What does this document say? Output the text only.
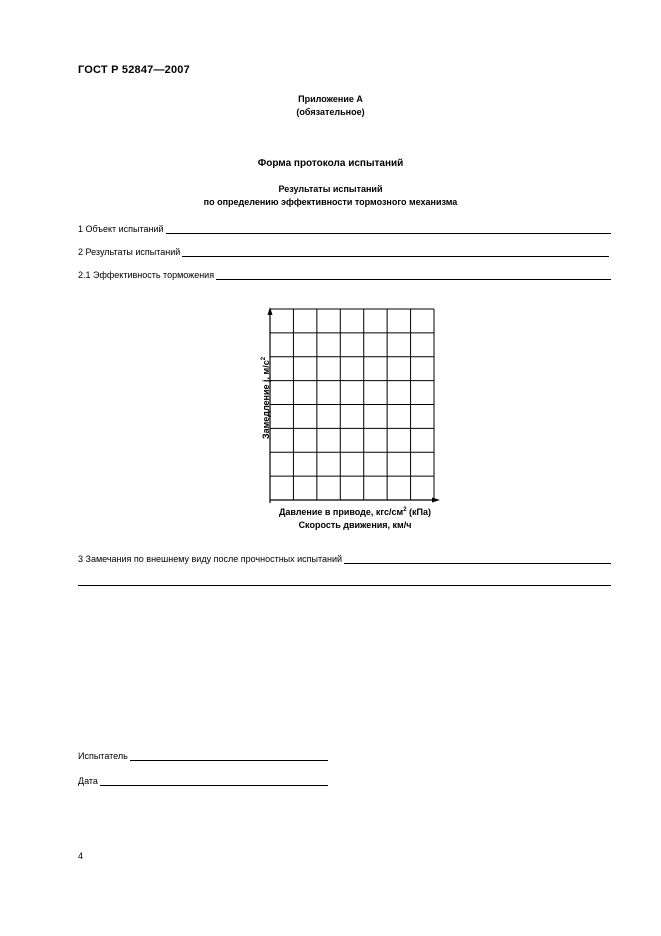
ГОСТ Р 52847—2007
Приложение А
(обязательное)
Форма протокола испытаний
Результаты испытаний
по определению эффективности тормозного механизма
1 Объект испытаний
2 Результаты испытаний
2.1 Эффективность торможения
Замедление j, $м/с^2$
Давление в приводе, кгс/$см^2$ (кПа)
Скорость движения, км/ч
3 Замечания по внешнему виду после прочностных испытаний
Испытатель
Дата
4
